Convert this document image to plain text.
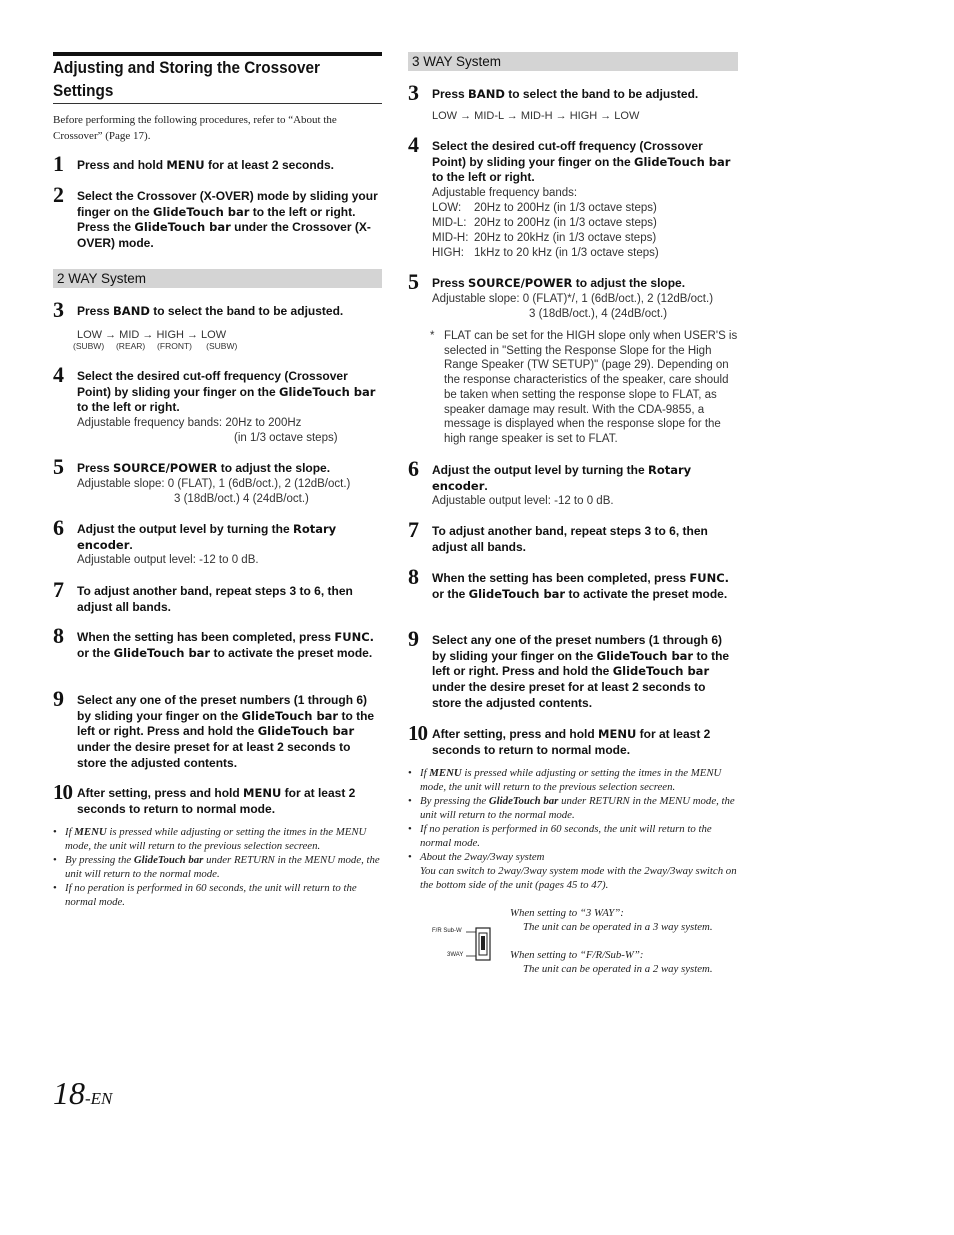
Adjusting and Storing the Crossover
Settings
Before performing the following procedures, refer to “About the Crossover” (Page 17).
1 Press and hold MENU for at least 2 seconds.
2 Select the Crossover (X-OVER) mode by sliding your finger on the GlideTouch bar to the left or right. Press the GlideTouch bar under the Crossover (X-OVER) mode.
2 WAY System
3 Press BAND to select the band to be adjusted.
LOW → MID → HIGH → LOW
(SUBW)     (REAR)     (FRONT)      (SUBW)
4 Select the desired cut-off frequency (Crossover Point) by sliding your finger on the GlideTouch bar to the left or right.
Adjustable frequency bands: 20Hz to 200Hz
(in 1/3 octave steps)
5 Press SOURCE/POWER to adjust the slope.
Adjustable slope: 0 (FLAT), 1 (6dB/oct.), 2 (12dB/oct.)
3 (18dB/oct.) 4 (24dB/oct.)
6 Adjust the output level by turning the Rotary encoder.
Adjustable output level: -12 to 0 dB.
7 To adjust another band, repeat steps 3 to 6, then adjust all bands.
8 When the setting has been completed, press FUNC. or the GlideTouch bar to activate the preset mode.
9 Select any one of the preset numbers (1 through 6) by sliding your finger on the GlideTouch bar to the left or right. Press and hold the GlideTouch bar under the desire preset for at least 2 seconds to store the adjusted contents.
10 After setting, press and hold MENU for at least 2 seconds to return to normal mode.
• If MENU is pressed while adjusting or setting the itmes in the MENU mode, the unit will return to the previous selection secreen.
• By pressing the GlideTouch bar under RETURN in the MENU mode, the unit will return to the normal mode.
• If no peration is performed in 60 seconds, the unit will return to the normal mode.
3 WAY System
3 Press BAND to select the band to be adjusted.
LOW → MID-L → MID-H → HIGH → LOW
4 Select the desired cut-off frequency (Crossover Point) by sliding your finger on the GlideTouch bar to the left or right.
Adjustable frequency bands:
LOW: 20Hz to 200Hz (in 1/3 octave steps)
MID-L: 20Hz to 200Hz (in 1/3 octave steps)
MID-H: 20Hz to 20kHz (in 1/3 octave steps)
HIGH: 1kHz to 20 kHz (in 1/3 octave steps)
5 Press SOURCE/POWER to adjust the slope.
Adjustable slope: 0 (FLAT)*/, 1 (6dB/oct.), 2 (12dB/oct.)
3 (18dB/oct.), 4 (24dB/oct.)
* FLAT can be set for the HIGH slope only when USER'S is selected in "Setting the Response Slope for the High Range Speaker (TW SETUP)" (page 29). Depending on the response characteristics of the speaker, care should be taken when setting the response slope to FLAT, as speaker damage may result. With the CDA-9855, a message is displayed when the response slope for the high range speaker is set to FLAT.
6 Adjust the output level by turning the Rotary encoder.
Adjustable output level: -12 to 0 dB.
7 To adjust another band, repeat steps 3 to 6, then adjust all bands.
8 When the setting has been completed, press FUNC. or the GlideTouch bar to activate the preset mode.
9 Select any one of the preset numbers (1 through 6) by sliding your finger on the GlideTouch bar to the left or right. Press and hold the GlideTouch bar under the desire preset for at least 2 seconds to store the adjusted contents.
10 After setting, press and hold MENU for at least 2 seconds to return to normal mode.
• If MENU is pressed while adjusting or setting the itmes in the MENU mode, the unit will return to the previous selection secreen.
• By pressing the GlideTouch bar under RETURN in the MENU mode, the unit will return to the normal mode.
• If no peration is performed in 60 seconds, the unit will return to the normal mode.
• About the 2way/3way system
You can switch to 2way/3way system mode with the 2way/3way switch on the bottom side of the unit (pages 45 to 47).
F/R Sub-W
3WAY
When setting to “3 WAY”:
The unit can be operated in a 3 way system.
When setting to “F/R/Sub-W”:
The unit can be operated in a 2 way system.
18-EN
